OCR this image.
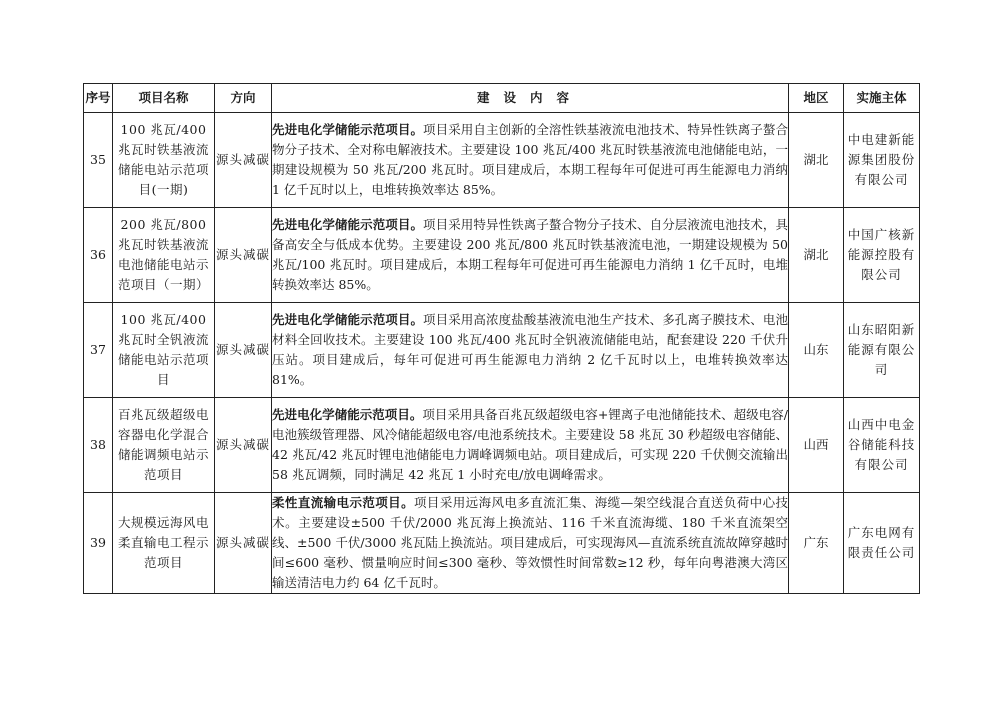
序号	项目名称	方向	建设内容	地区	实施主体
35	100 兆瓦/400 兆瓦时铁基液流储能电站示范项目(一期)	源头减碳	先进电化学储能示范项目。项目采用自主创新的全溶性铁基液流电池技术、特异性铁离子螯合物分子技术、全对称电解液技术。主要建设 100 兆瓦/400 兆瓦时铁基液流电池储能电站，一期建设规模为 50 兆瓦/200 兆瓦时。项目建成后，本期工程每年可促进可再生能源电力消纳 1 亿千瓦时以上，电堆转换效率达 85%。	湖北	中电建新能源集团股份有限公司
36	200 兆瓦/800 兆瓦时铁基液流电池储能电站示范项目（一期）	源头减碳	先进电化学储能示范项目。项目采用特异性铁离子螯合物分子技术、自分层液流电池技术，具备高安全与低成本优势。主要建设 200 兆瓦/800 兆瓦时铁基液流电池，一期建设规模为 50 兆瓦/100 兆瓦时。项目建成后，本期工程每年可促进可再生能源电力消纳 1 亿千瓦时，电堆转换效率达 85%。	湖北	中国广核新能源控股有限公司
37	100 兆瓦/400 兆瓦时全钒液流储能电站示范项目	源头减碳	先进电化学储能示范项目。项目采用高浓度盐酸基液流电池生产技术、多孔离子膜技术、电池材料全回收技术。主要建设 100 兆瓦/400 兆瓦时全钒液流储能电站，配套建设 220 千伏升压站。项目建成后，每年可促进可再生能源电力消纳 2 亿千瓦时以上，电堆转换效率达 81%。	山东	山东昭阳新能源有限公司
38	百兆瓦级超级电容器电化学混合储能调频电站示范项目	源头减碳	先进电化学储能示范项目。项目采用具备百兆瓦级超级电容+锂离子电池储能技术、超级电容/电池簇级管理器、风冷储能超级电容/电池系统技术。主要建设 58 兆瓦 30 秒超级电容储能、42 兆瓦/42 兆瓦时锂电池储能电力调峰调频电站。项目建成后，可实现 220 千伏侧交流输出 58 兆瓦调频，同时满足 42 兆瓦 1 小时充电/放电调峰需求。	山西	山西中电金谷储能科技有限公司
39	大规模远海风电柔直输电工程示范项目	源头减碳	柔性直流输电示范项目。项目采用远海风电多直流汇集、海缆—架空线混合直送负荷中心技术。主要建设±500 千伏/2000 兆瓦海上换流站、116 千米直流海缆、180 千米直流架空线、±500 千伏/3000 兆瓦陆上换流站。项目建成后，可实现海风—直流系统直流故障穿越时间≤600 毫秒、惯量响应时间≤300 毫秒、等效惯性时间常数≥12 秒，每年向粤港澳大湾区输送清洁电力约 64 亿千瓦时。	广东	广东电网有限责任公司
